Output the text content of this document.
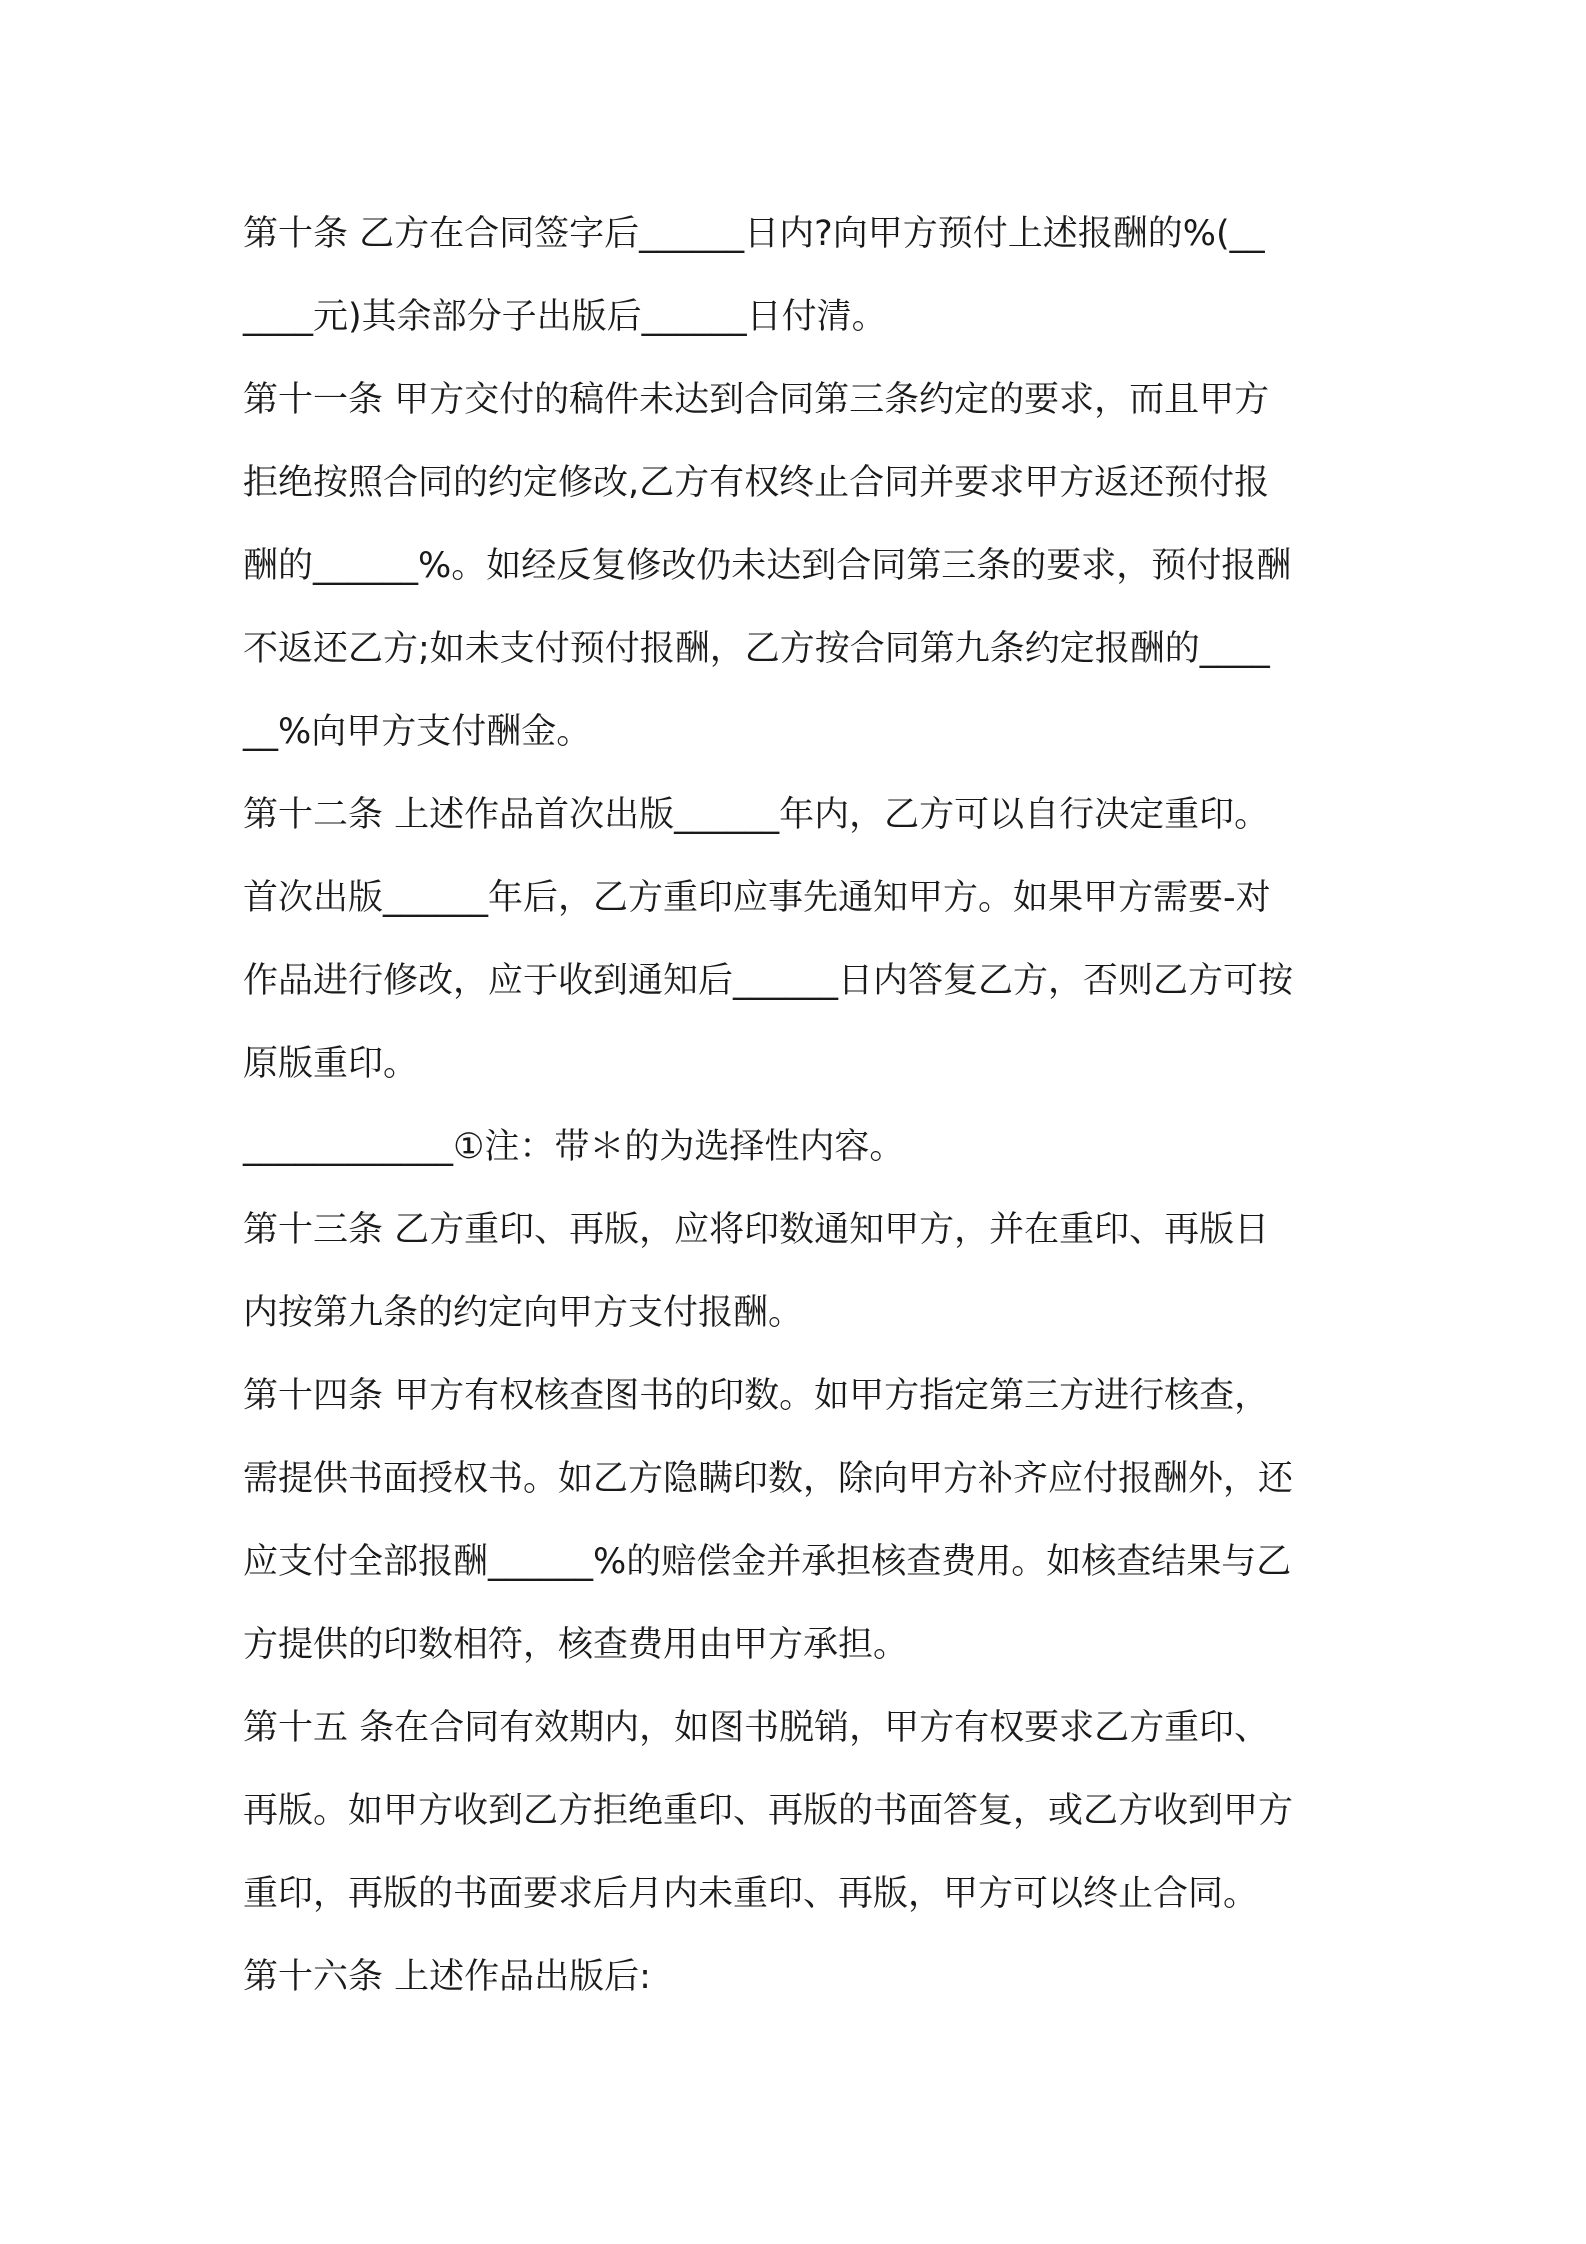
第十条 乙方在合同签字后______日内?向甲方预付上述报酬的%(__
____元)其余部分子出版后______日付清。
第十一条 甲方交付的稿件未达到合同第三条约定的要求，而且甲方
拒绝按照合同的约定修改,乙方有权终止合同并要求甲方返还预付报
酬的______%。如经反复修改仍未达到合同第三条的要求，预付报酬
不返还乙方;如未支付预付报酬，乙方按合同第九条约定报酬的____
__%向甲方支付酬金。
第十二条 上述作品首次出版______年内，乙方可以自行决定重印。
首次出版______年后，乙方重印应事先通知甲方。如果甲方需要-对
作品进行修改，应于收到通知后______日内答复乙方，否则乙方可按
原版重印。
____________①注：带＊的为选择性内容。
第十三条 乙方重印、再版，应将印数通知甲方，并在重印、再版日
内按第九条的约定向甲方支付报酬。
第十四条 甲方有权核查图书的印数。如甲方指定第三方进行核查，
需提供书面授权书。如乙方隐瞒印数，除向甲方补齐应付报酬外，还
应支付全部报酬______%的赔偿金并承担核查费用。如核查结果与乙
方提供的印数相符，核查费用由甲方承担。
第十五 条在合同有效期内，如图书脱销，甲方有权要求乙方重印、
再版。如甲方收到乙方拒绝重印、再版的书面答复，或乙方收到甲方
重印，再版的书面要求后月内未重印、再版，甲方可以终止合同。
第十六条 上述作品出版后:
